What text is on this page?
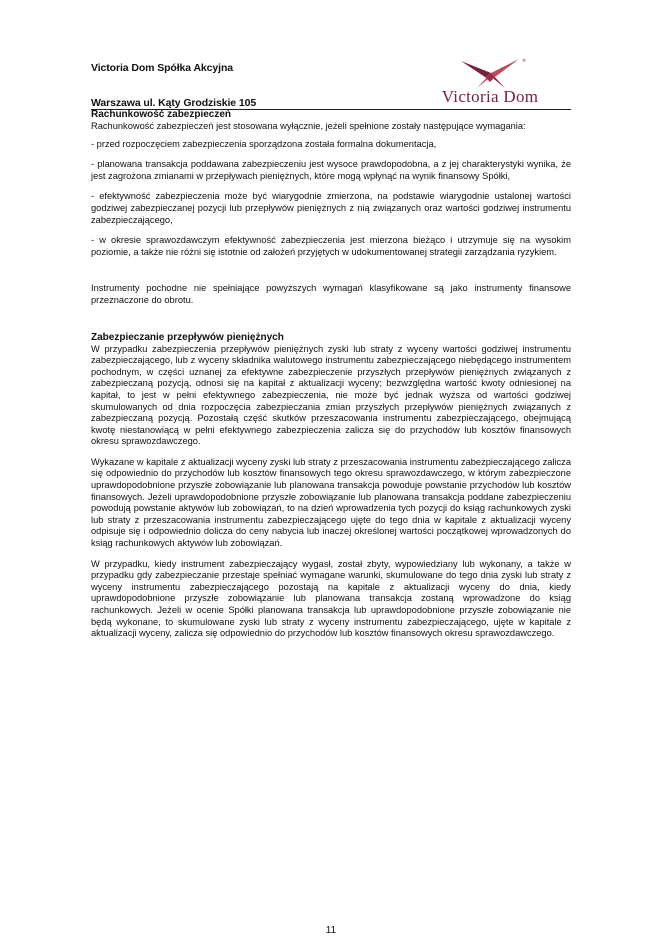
Victoria Dom Spółka Akcyjna
®
Victoria Dom
Warszawa ul. Kąty Grodziskie 105
Rachunkowość zabezpieczeń

Rachunkowość zabezpieczeń jest stosowana wyłącznie, jeżeli spełnione zostały następujące wymagania:

- przed rozpoczęciem zabezpieczenia sporządzona została formalna dokumentacja,

- planowana transakcja poddawana zabezpieczeniu jest wysoce prawdopodobna, a z jej charakterystyki wynika, że jest zagrożona zmianami w przepływach pieniężnych, które mogą wpłynąć na wynik finansowy Spółki,

- efektywność zabezpieczenia może być wiarygodnie zmierzona, na podstawie wiarygodnie ustalonej wartości godziwej zabezpieczanej pozycji lub przepływów pieniężnych z nią związanych oraz wartości godziwej instrumentu zabezpieczającego,

- w okresie sprawozdawczym efektywność zabezpieczenia jest mierzona bieżąco i utrzymuje się na wysokim poziomie, a także nie różni się istotnie od założeń przyjętych w udokumentowanej strategii zarządzania ryzykiem.

Instrumenty pochodne nie spełniające powyższych wymagań klasyfikowane są jako instrumenty finansowe przeznaczone do obrotu.

Zabezpieczanie przepływów pieniężnych

W przypadku zabezpieczenia przepływów pieniężnych zyski lub straty z wyceny wartości godziwej instrumentu zabezpieczającego, lub z wyceny składnika walutowego instrumentu zabezpieczającego niebędącego instrumentem pochodnym, w części uznanej za efektywne zabezpieczenie przyszłych przepływów pieniężnych związanych z zabezpieczaną pozycją, odnosi się na kapitał z aktualizacji wyceny; bezwzględna wartość kwoty odniesionej na kapitał, to jest w pełni efektywnego zabezpieczenia, nie może być jednak wyższa od wartości godziwej skumulowanych od dnia rozpoczęcia zabezpieczania zmian przyszłych przepływów pieniężnych związanych z zabezpieczaną pozycją. Pozostałą część skutków przeszacowania instrumentu zabezpieczającego, obejmującą kwotę niestanowiącą w pełni efektywnego zabezpieczenia zalicza się do przychodów lub kosztów finansowych okresu sprawozdawczego.

Wykazane w kapitale z aktualizacji wyceny zyski lub straty z przeszacowania instrumentu zabezpieczającego zalicza się odpowiednio do przychodów lub kosztów finansowych tego okresu sprawozdawczego, w którym zabezpieczone uprawdopodobnione przyszłe zobowiązanie lub planowana transakcja powoduje powstanie przychodów lub kosztów finansowych. Jeżeli uprawdopodobnione przyszłe zobowiązanie lub planowana transakcja poddane zabezpieczeniu powodują powstanie aktywów lub zobowiązań, to na dzień wprowadzenia tych pozycji do ksiąg rachunkowych zyski lub straty z przeszacowania instrumentu zabezpieczającego ujęte do tego dnia w kapitale z aktualizacji wyceny odpisuje się i odpowiednio dolicza do ceny nabycia lub inaczej określonej wartości początkowej wprowadzonych do ksiąg rachunkowych aktywów lub zobowiązań.

W przypadku, kiedy instrument zabezpieczający wygasł, został zbyty, wypowiedziany lub wykonany, a także w przypadku gdy zabezpieczanie przestaje spełniać wymagane warunki, skumulowane do tego dnia zyski lub straty z wyceny instrumentu zabezpieczającego pozostają na kapitale z aktualizacji wyceny do dnia, kiedy uprawdopodobnione przyszłe zobowiązanie lub planowana transakcja zostaną wprowadzone do ksiąg rachunkowych. Jeżeli w ocenie Spółki planowana transakcja lub uprawdopodobnione przyszłe zobowiązanie nie będą wykonane, to skumulowane zyski lub straty z wyceny instrumentu zabezpieczającego, ujęte w kapitale z aktualizacji wyceny, zalicza się odpowiednio do przychodów lub kosztów finansowych okresu sprawozdawczego.

11
